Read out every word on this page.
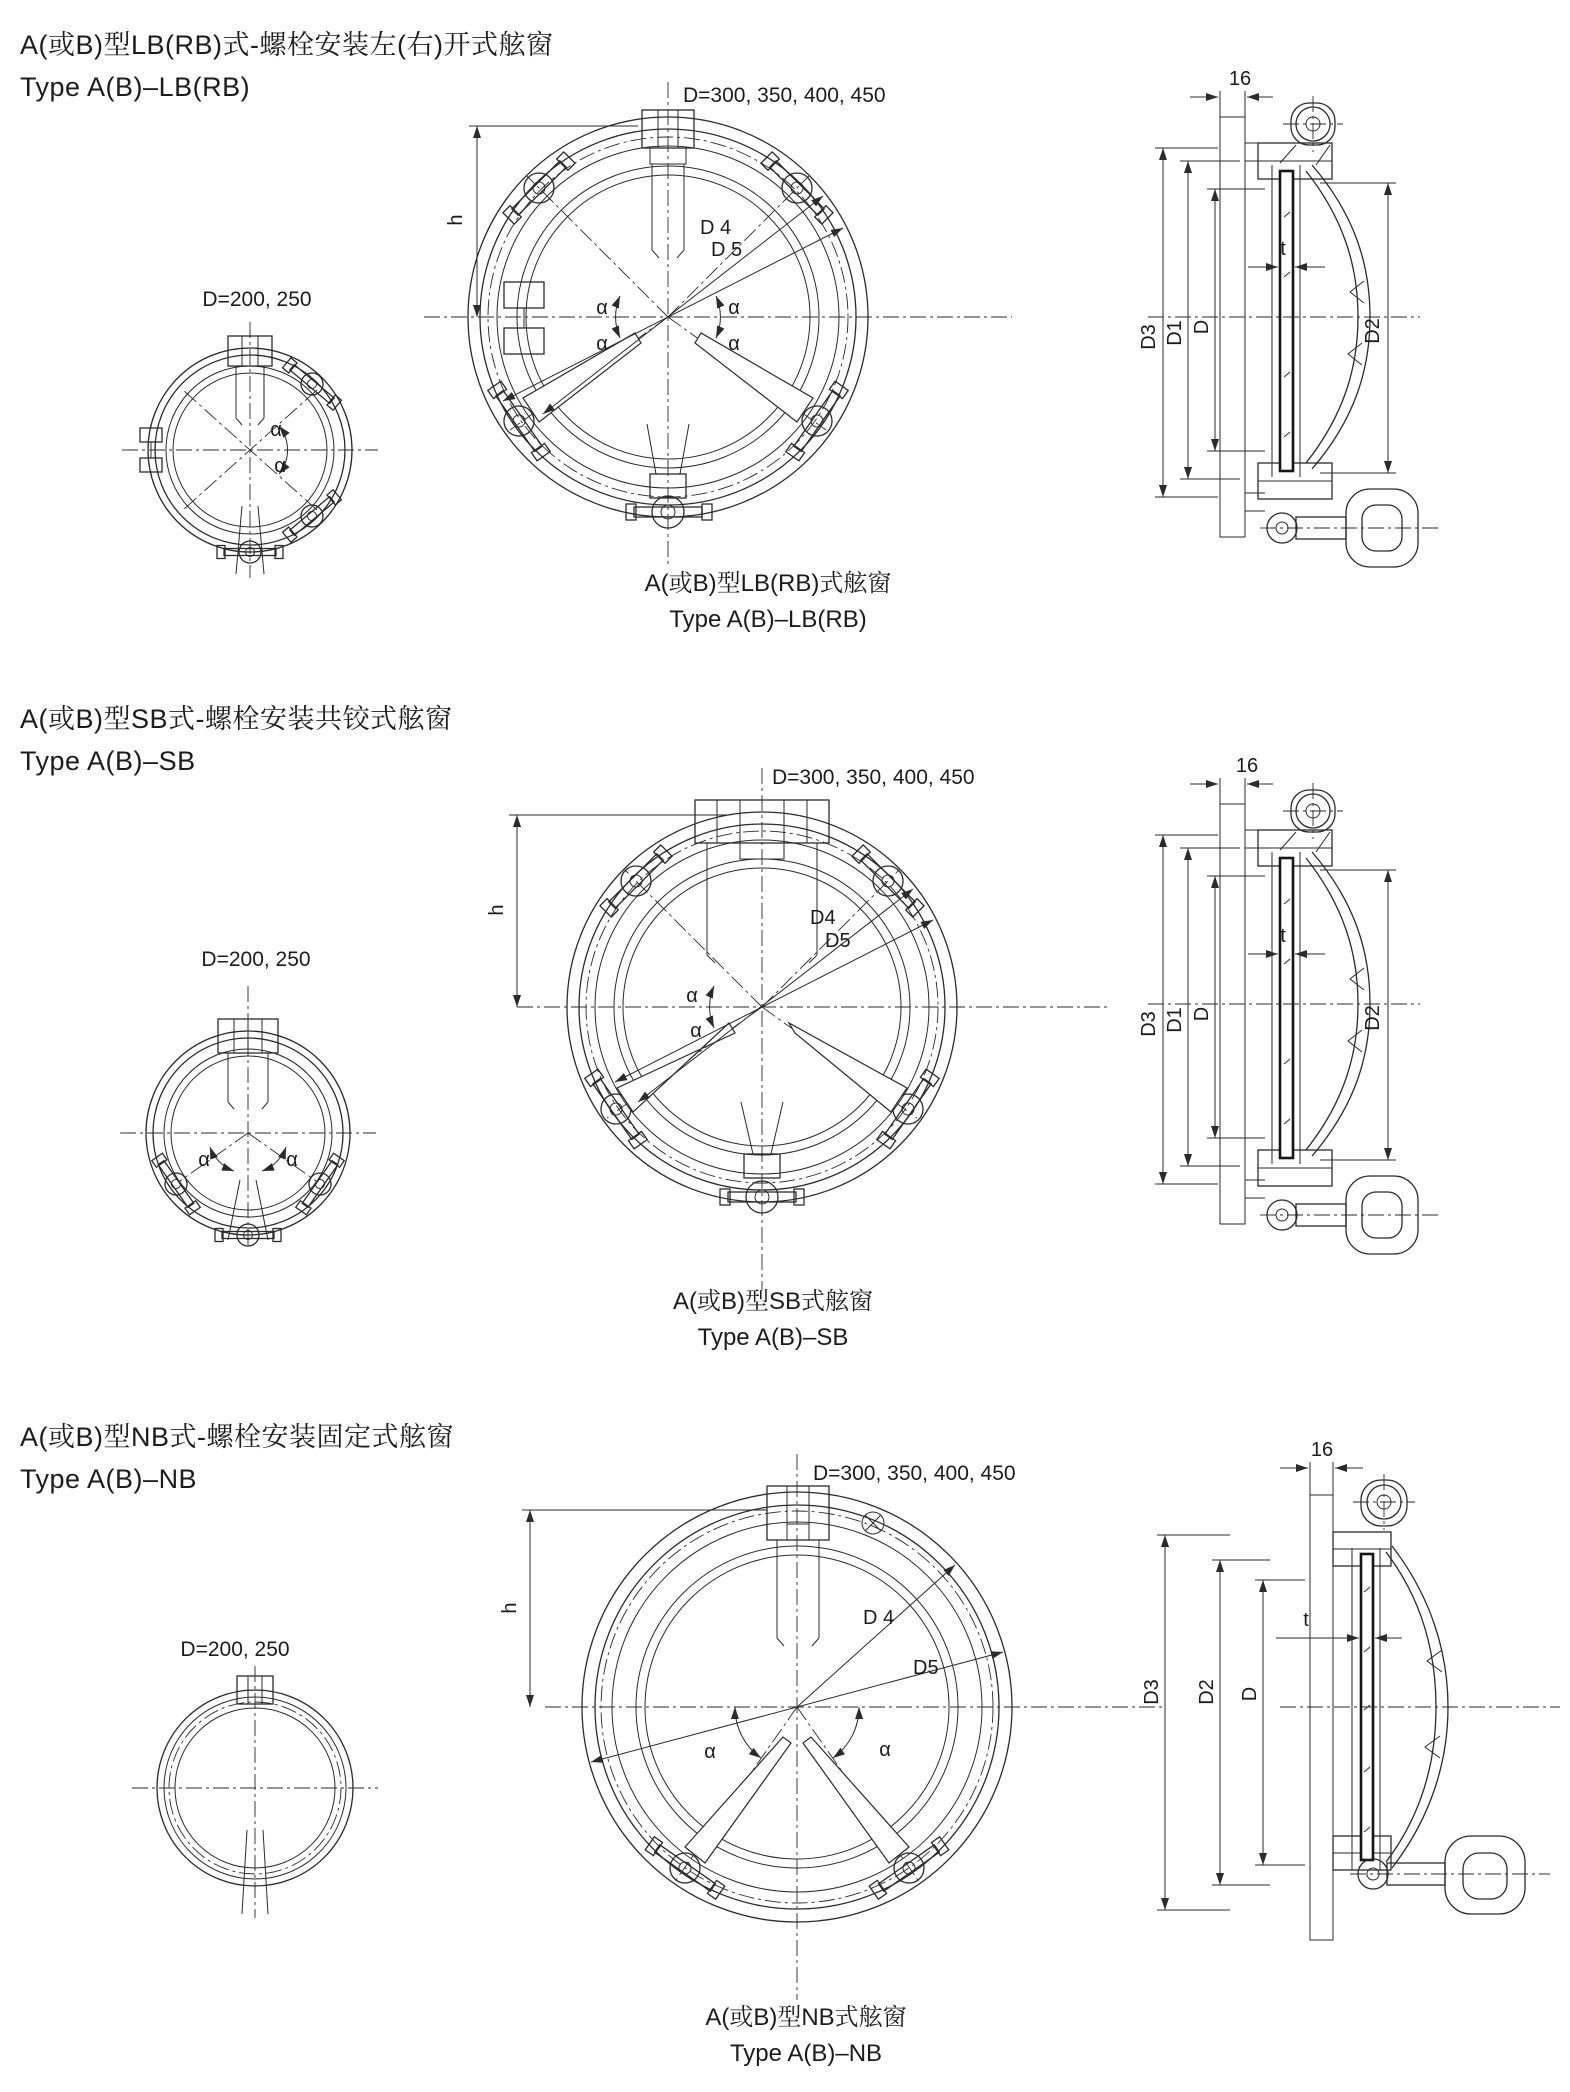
A(或B)型LB(RB)式-螺栓安装左(右)开式舷窗
Type A(B)–LB(RB)
D=200, 250
α
α
D=300, 350, 400, 450
h	D 4
D 5
α	α
α	α
16
D3 D1 D
t
D2
A(或B)型LB(RB)式舷窗
Type A(B)–LB(RB)
A(或B)型SB式-螺栓安装共铰式舷窗
Type A(B)–SB
D=200, 250
α	α
D=300, 350, 400, 450
h	D4
D5
α
α
16
D3 D1 D
t
D2
A(或B)型SB式舷窗
Type A(B)–SB
A(或B)型NB式-螺栓安装固定式舷窗
Type A(B)–NB
D=200, 250
D=300, 350, 400, 450
h	D 4
D5
α	α
16
D3 D2 D
t
A(或B)型NB式舷窗
Type A(B)–NB
